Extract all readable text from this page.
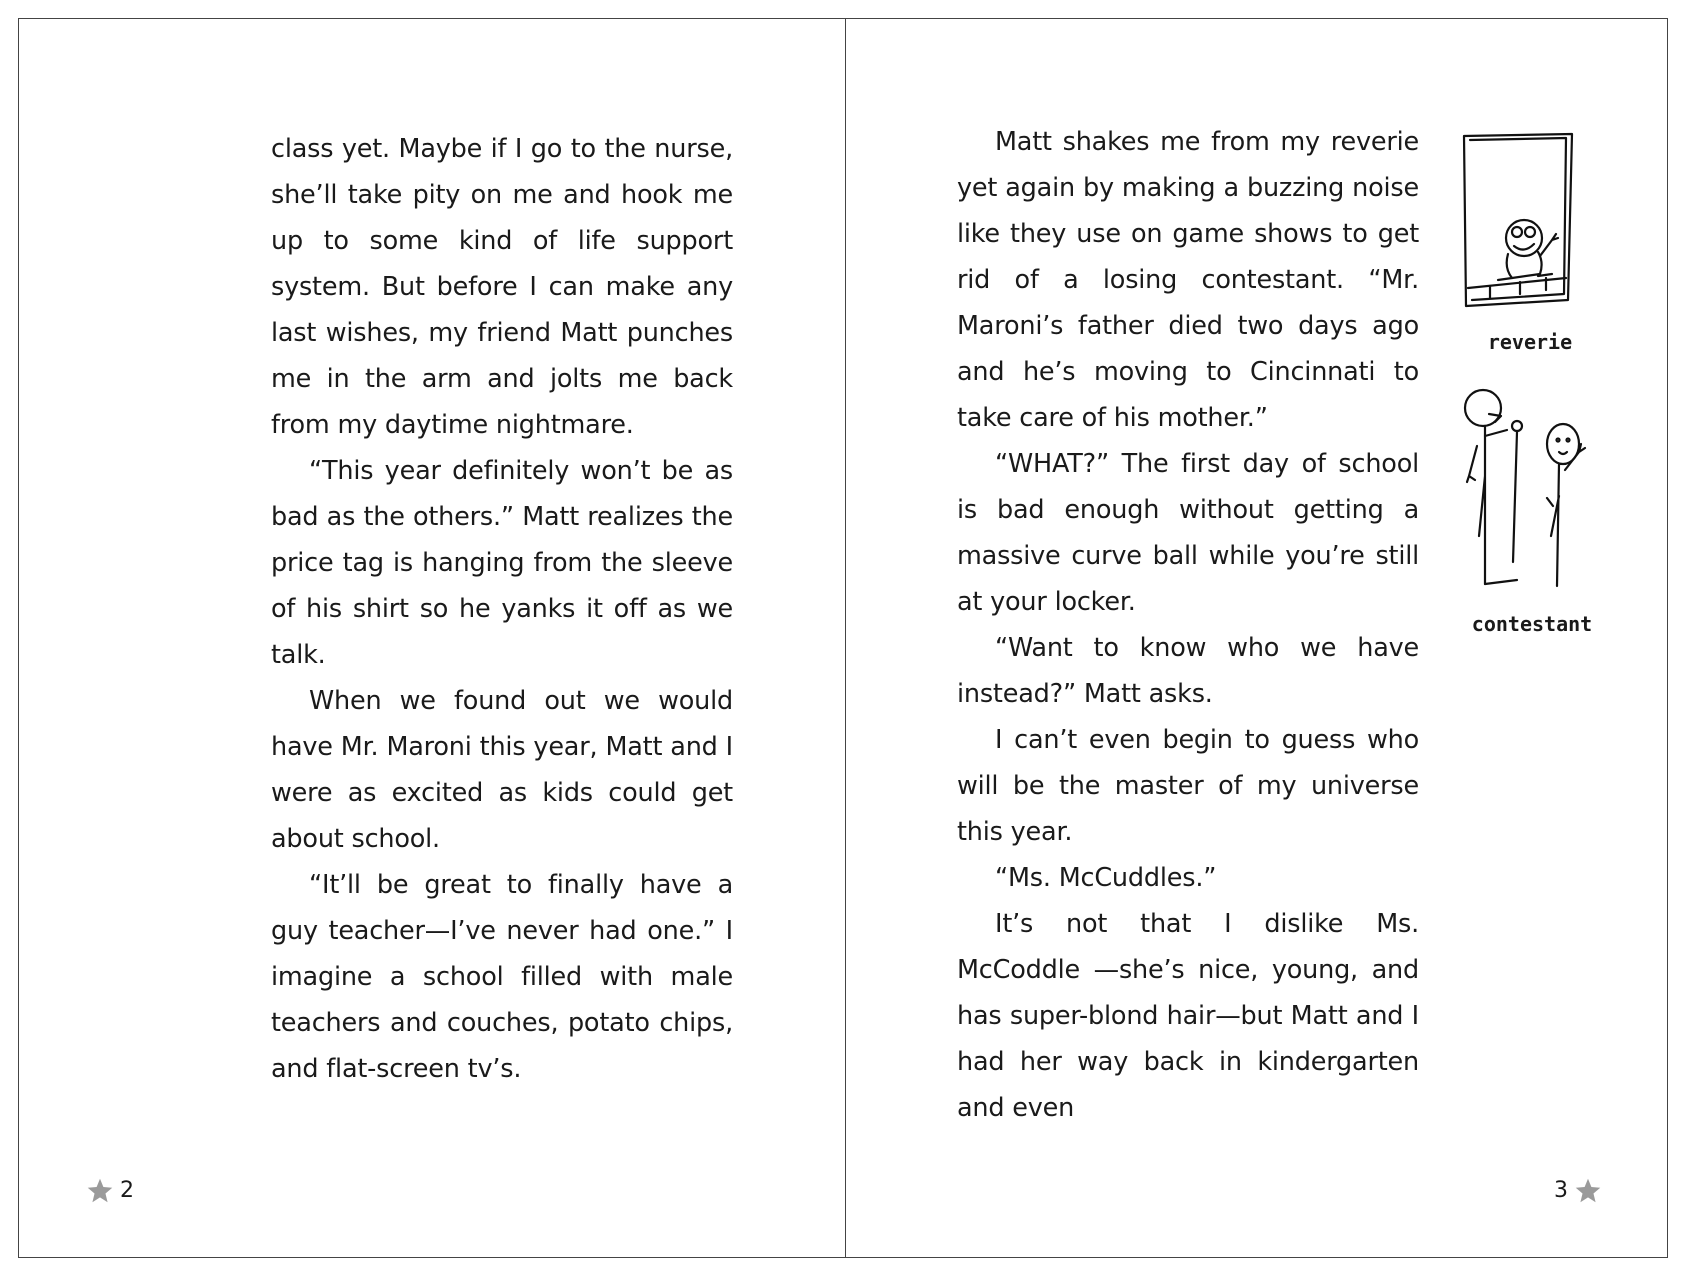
class yet. Maybe if I go to the nurse, she’ll take pity on me and hook me up to some kind of life support system. But before I can make any last wishes, my friend Matt punches me in the arm and jolts me back from my daytime nightmare.

“This year definitely won’t be as bad as the others.” Matt realizes the price tag is hanging from the sleeve of his shirt so he yanks it off as we talk.

When we found out we would have Mr. Maroni this year, Matt and I were as excited as kids could get about school.

“It’ll be great to finally have a guy teacher—I’ve never had one.” I imagine a school filled with male teachers and couches, potato chips, and flat-screen tv’s.

2

Matt shakes me from my reverie yet again by making a buzzing noise like they use on game shows to get rid of a losing contestant. “Mr. Maroni’s father died two days ago and he’s moving to Cincinnati to take care of his mother.”

“WHAT?” The first day of school is bad enough without getting a massive curve ball while you’re still at your locker.

“Want to know who we have instead?” Matt asks.

I can’t even begin to guess who will be the master of my universe this year.

“Ms. McCuddles.”

It’s not that I dislike Ms. McCoddle —she’s nice, young, and has super-blond hair—but Matt and I had her way back in kindergarten and even

reverie
contestant
3
